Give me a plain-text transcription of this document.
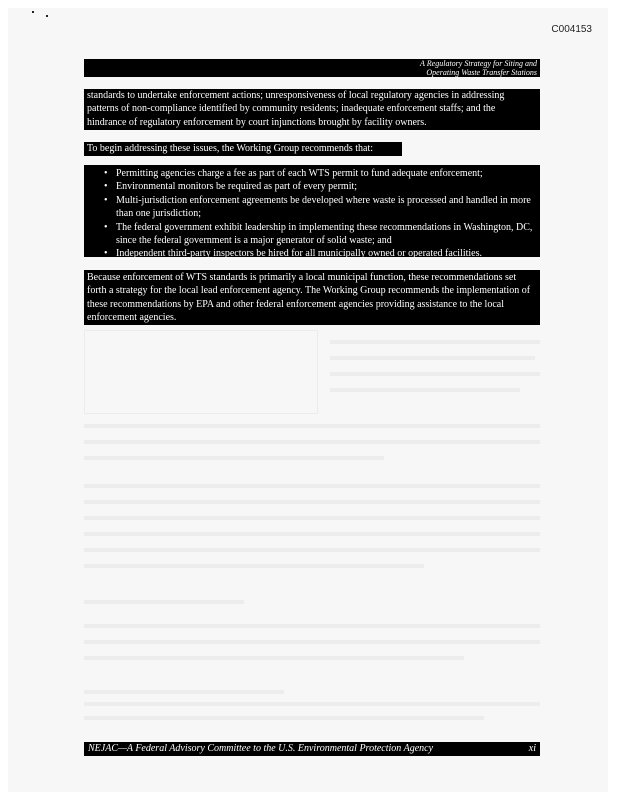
C004153
A Regulatory Strategy for Siting and
Operating Waste Transfer Stations

standards to undertake enforcement actions; unresponsiveness of local regulatory agencies in addressing patterns of non-compliance identified by community residents; inadequate enforcement staffs; and the hindrance of regulatory enforcement by court injunctions brought by facility owners.

To begin addressing these issues, the Working Group recommends that:

• Permitting agencies charge a fee as part of each WTS permit to fund adequate enforcement;
• Environmental monitors be required as part of every permit;
• Multi-jurisdiction enforcement agreements be developed where waste is processed and handled in more than one jurisdiction;
• The federal government exhibit leadership in implementing these recommendations in Washington, DC, since the federal government is a major generator of solid waste; and
• Independent third-party inspectors be hired for all municipally owned or operated facilities.

Because enforcement of WTS standards is primarily a local municipal function, these recommendations set forth a strategy for the local lead enforcement agency. The Working Group recommends the implementation of these recommendations by EPA and other federal enforcement agencies providing assistance to the local enforcement agencies.

NEJAC—A Federal Advisory Committee to the U.S. Environmental Protection Agency	xi
